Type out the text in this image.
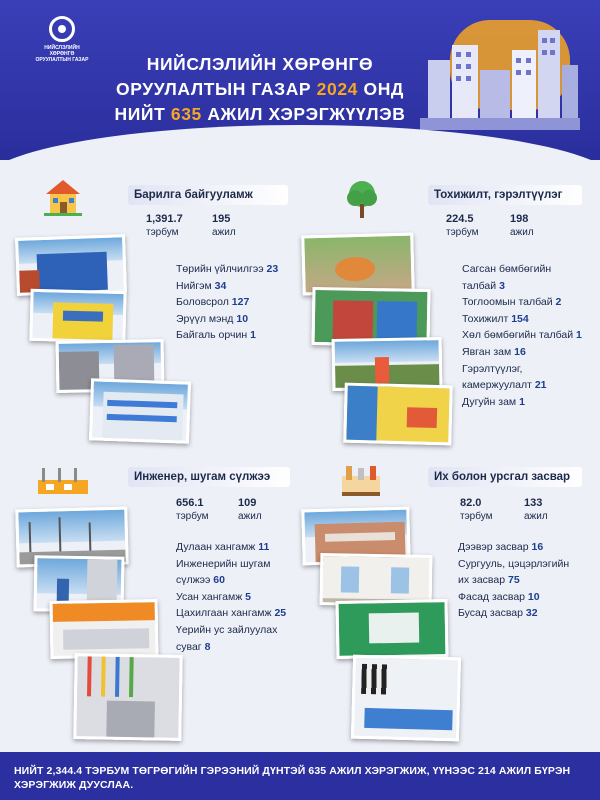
НИЙСЛЭЛИЙН ХӨРӨНГӨ
ОРУУЛАЛТЫН ГАЗАР	НИЙСЛЭЛИЙН ХӨРӨНГӨ
ОРУУЛАЛТЫН ГАЗАР 2024 ОНД
НИЙТ 635 АЖИЛ ХЭРЭГЖҮҮЛЭВ
Барилга байгууламж
1,391.7
тэрбум
195
ажил
Төрийн үйлчилгээ 23
Нийгэм 34
Боловсрол 127
Эрүүл мэнд 10
Байгаль орчин 1
Тохижилт, гэрэлтүүлэг
224.5
тэрбум
198
ажил
Сагсан бөмбөгийн
талбай 3
Тоглоомын талбай 2
Тохижилт 154
Хөл бөмбөгийн талбай 1
Явган зам 16
Гэрэлтүүлэг,
камержуулалт 21
Дугуйн зам 1
Инженер, шугам сүлжээ
656.1
тэрбум
109
ажил
Дулаан хангамж 11
Инженерийн шугам
сүлжээ 60
Усан хангамж 5
Цахилгаан хангамж 25
Үерийн ус зайлуулах
суваг 8
Их болон урсгал засвар
82.0
тэрбум
133
ажил
Дээвэр засвар 16
Сургууль, цэцэрлэгийн
их засвар 75
Фасад засвар 10
Бусад засвар 32
НИЙТ 2,344.4 ТЭРБУМ ТӨГРӨГИЙН ГЭРЭЭНИЙ ДҮНТЭЙ 635 АЖИЛ ХЭРЭГЖИЖ, ҮҮНЭЭС 214 АЖИЛ БҮРЭН
ХЭРЭГЖИЖ ДУУСЛАА.
